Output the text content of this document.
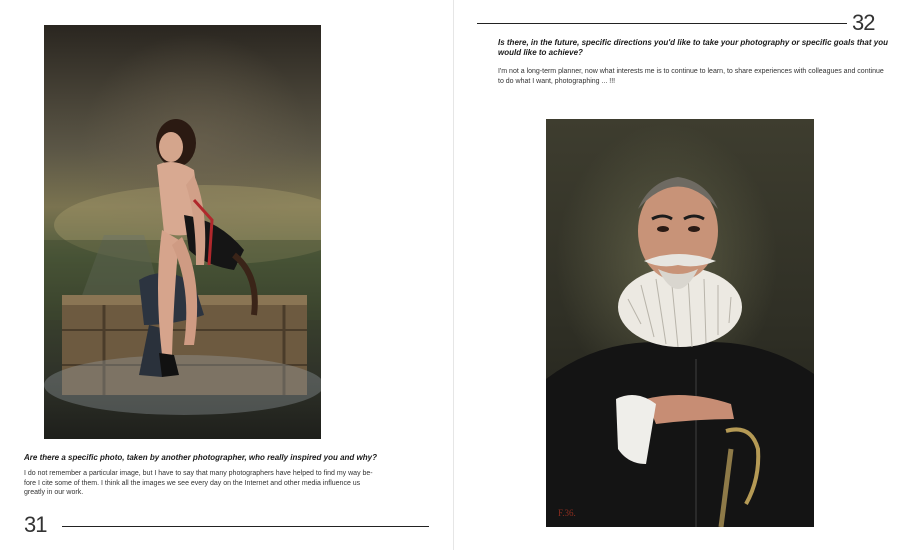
Are there a specific photo, taken by another photographer, who really inspired you and why?

I do not remember a particular image, but I have to say that many photographers have helped to find my way be-
fore I cite some of them. I think all the images we see every day on the Internet and other media influence us
greatly in our work.

31
32

Is there, in the future, specific directions you'd like to take your photography or specific goals that you would like to achieve?

I'm not a long-term planner, now what interests me is to continue to learn, to share experiences with colleagues and continue to do what I want, photographing ... !!!

F.36.
